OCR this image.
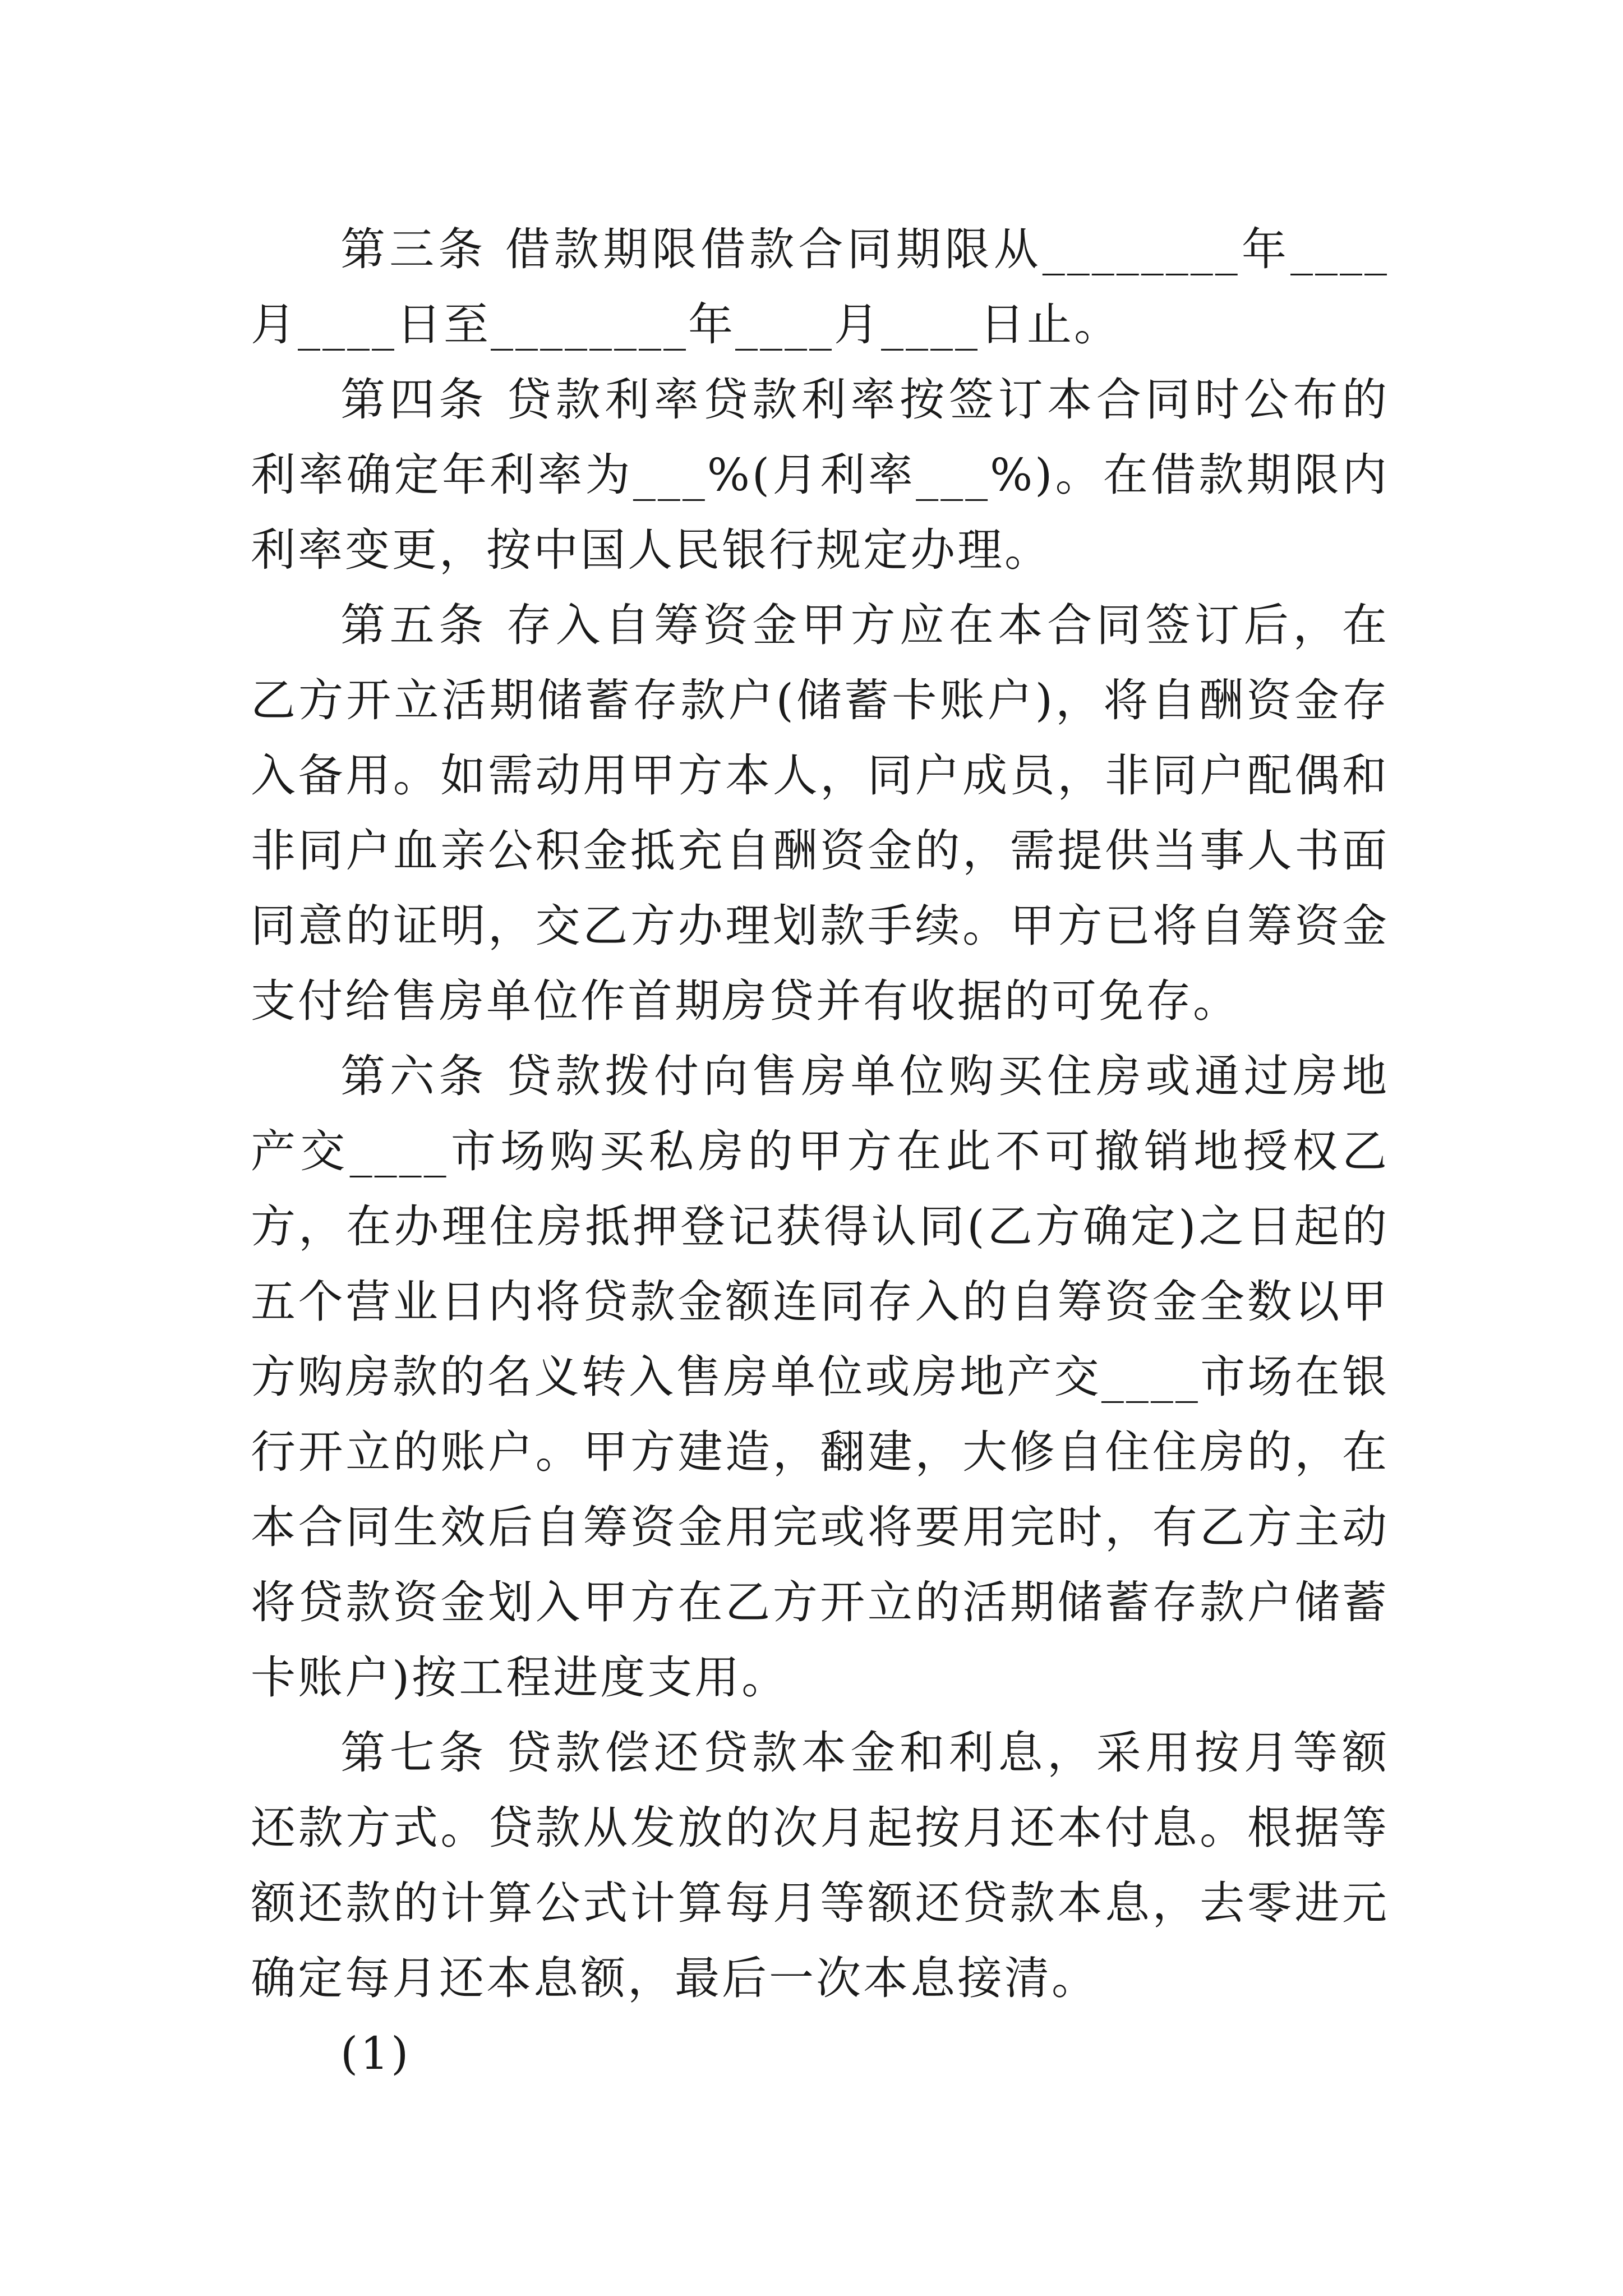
第三条 借款期限借款合同期限从________年____月____日至________年____月____日止。

第四条 贷款利率贷款利率按签订本合同时公布的利率确定年利率为___%(月利率___%)。在借款期限内利率变更，按中国人民银行规定办理。

第五条 存入自筹资金甲方应在本合同签订后，在乙方开立活期储蓄存款户(储蓄卡账户)，将自酬资金存入备用。如需动用甲方本人，同户成员，非同户配偶和非同户血亲公积金抵充自酬资金的，需提供当事人书面同意的证明，交乙方办理划款手续。甲方已将自筹资金支付给售房单位作首期房贷并有收据的可免存。

第六条 贷款拨付向售房单位购买住房或通过房地产交____市场购买私房的甲方在此不可撤销地授权乙方，在办理住房抵押登记获得认同(乙方确定)之日起的五个营业日内将贷款金额连同存入的自筹资金全数以甲方购房款的名义转入售房单位或房地产交____市场在银行开立的账户。甲方建造，翻建，大修自住住房的，在本合同生效后自筹资金用完或将要用完时，有乙方主动将贷款资金划入甲方在乙方开立的活期储蓄存款户储蓄卡账户)按工程进度支用。

第七条 贷款偿还贷款本金和利息，采用按月等额还款方式。贷款从发放的次月起按月还本付息。根据等额还款的计算公式计算每月等额还贷款本息，去零进元确定每月还本息额，最后一次本息接清。

(1)
